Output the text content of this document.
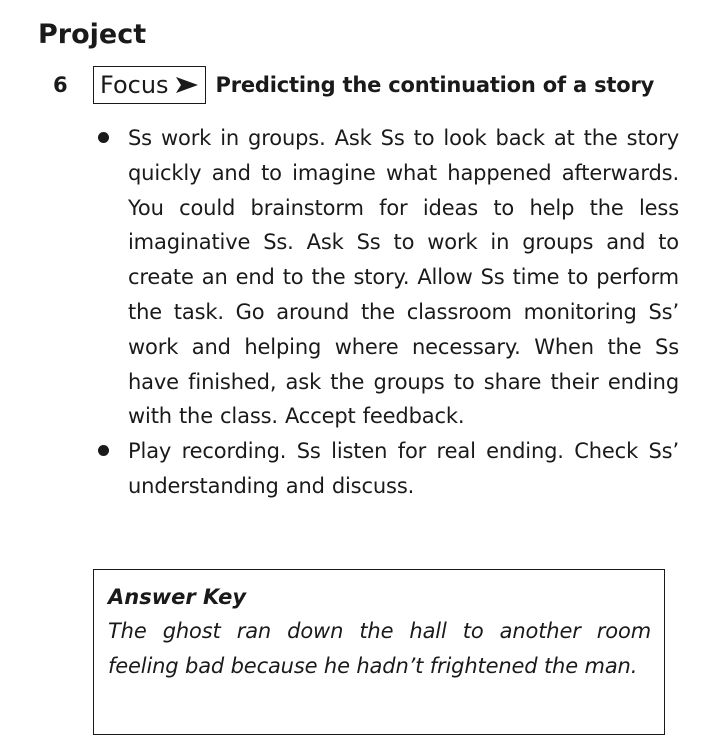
Project
6	Focus Predicting the continuation of a story
Ss work in groups. Ask Ss to look back at the story quickly and to imagine what happened afterwards. You could brainstorm for ideas to help the less imaginative Ss. Ask Ss to work in groups and to create an end to the story. Allow Ss time to perform the task. Go around the classroom monitoring Ss’ work and helping where necessary. When the Ss have finished, ask the groups to share their ending with the class. Accept feedback.
Play recording. Ss listen for real ending. Check Ss’ understanding and discuss.
Answer Key
The ghost ran down the hall to another room feeling bad because he hadn’t frightened the man.
